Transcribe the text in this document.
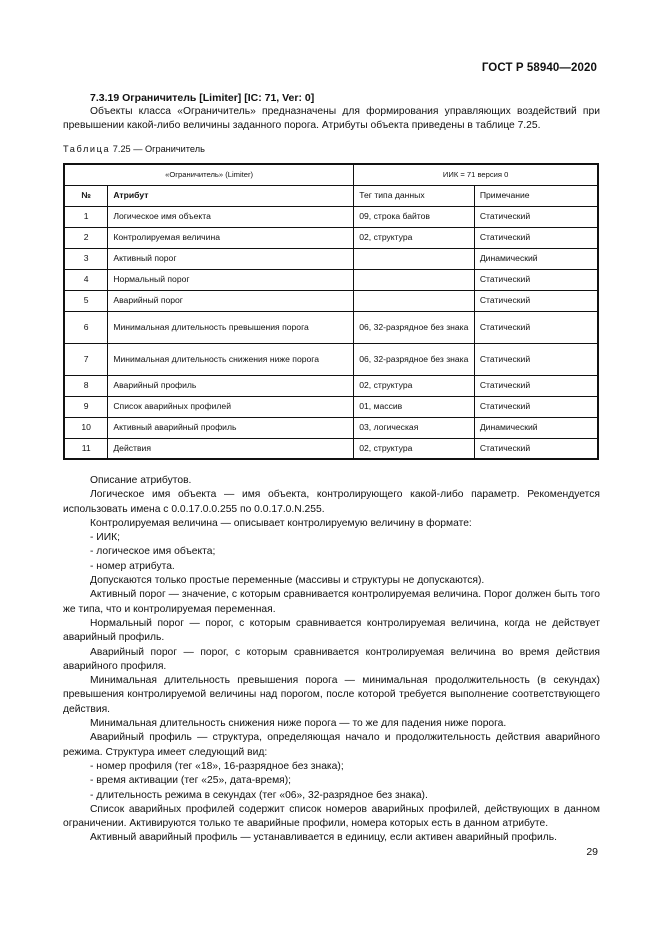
ГОСТ Р 58940—2020
7.3.19 Ограничитель [Limiter] [IC: 71, Ver: 0]
Объекты класса «Ограничитель» предназначены для формирования управляющих воздействий при превышении какой-либо величины заданного порога. Атрибуты объекта приведены в таблице 7.25.
Таблица 7.25 — Ограничитель
«Ограничитель» (Limiter)		ИИК = 71 версия 0	
№	Атрибут	Тег типа данных	Примечание
1	Логическое имя объекта	09, строка байтов	Статический
2	Контролируемая величина	02, структура	Статический
3	Активный порог		Динамический
4	Нормальный порог		Статический
5	Аварийный порог		Статический
6	Минимальная длительность превышения порога	06, 32-разрядное без знака	Статический
7	Минимальная длительность снижения ниже порога	06, 32-разрядное без знака	Статический
8	Аварийный профиль	02, структура	Статический
9	Список аварийных профилей	01, массив	Статический
10	Активный аварийный профиль	03, логическая	Динамический
11	Действия	02, структура	Статический

Описание атрибутов.

Логическое имя объекта — имя объекта, контролирующего какой-либо параметр. Рекомендуется использовать имена с 0.0.17.0.0.255 по 0.0.17.0.N.255.

Контролируемая величина — описывает контролируемую величину в формате:

- ИИК;

- логическое имя объекта;

- номер атрибута.

Допускаются только простые переменные (массивы и структуры не допускаются).

Активный порог — значение, с которым сравнивается контролируемая величина. Порог должен быть того же типа, что и контролируемая переменная.

Нормальный порог — порог, с которым сравнивается контролируемая величина, когда не действует аварийный профиль.

Аварийный порог — порог, с которым сравнивается контролируемая величина во время действия аварийного профиля.

Минимальная длительность превышения порога — минимальная продолжительность (в секундах) превышения контролируемой величины над порогом, после которой требуется выполнение соответствующего действия.

Минимальная длительность снижения ниже порога — то же для падения ниже порога.

Аварийный профиль — структура, определяющая начало и продолжительность действия аварийного режима. Структура имеет следующий вид:

- номер профиля (тег «18», 16-разрядное без знака);

- время активации (тег «25», дата-время);

- длительность режима в секундах (тег «06», 32-разрядное без знака).

Список аварийных профилей содержит список номеров аварийных профилей, действующих в данном ограничении. Активируются только те аварийные профили, номера которых есть в данном атрибуте.

Активный аварийный профиль — устанавливается в единицу, если активен аварийный профиль.

29
